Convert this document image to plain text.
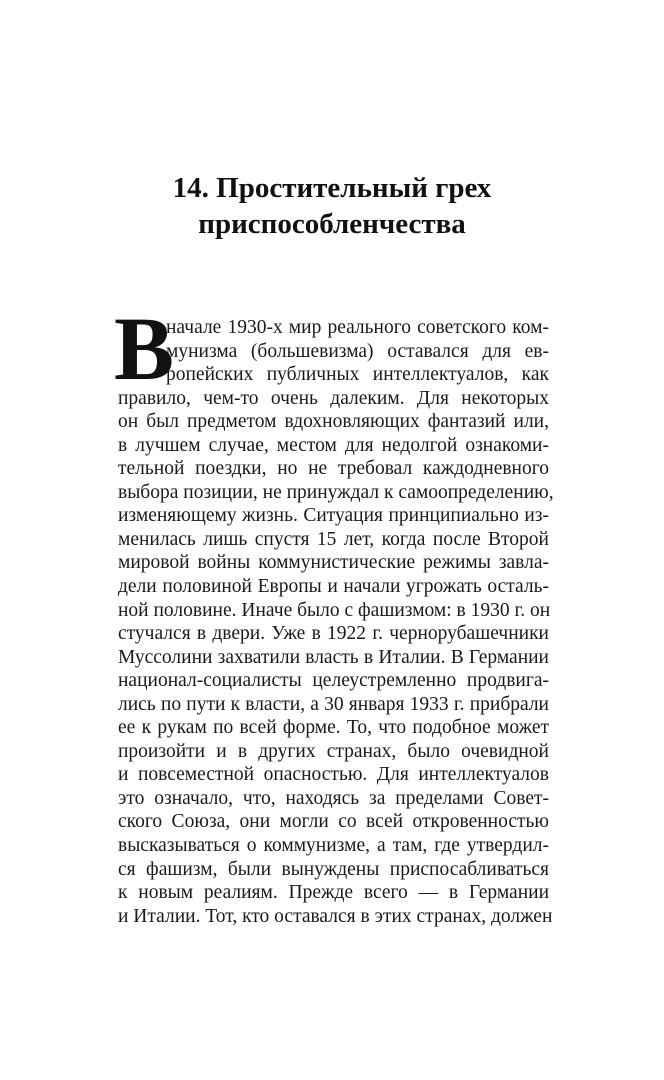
14. Простительный грех
приспособленчества
В
начале 1930-х мир реального советского ком-
мунизма (большевизма) оставался для ев-
ропейских публичных интеллектуалов, как
правило, чем-то очень далеким. Для некоторых
он был предметом вдохновляющих фантазий или,
в лучшем случае, местом для недолгой ознакоми-
тельной поездки, но не требовал каждодневного
выбора позиции, не принуждал к самоопределению,
изменяющему жизнь. Ситуация принципиально из-
менилась лишь спустя 15 лет, когда после Второй
мировой войны коммунистические режимы завла-
дели половиной Европы и начали угрожать осталь-
ной половине. Иначе было с фашизмом: в 1930 г. он
стучался в двери. Уже в 1922 г. чернорубашечники
Муссолини захватили власть в Италии. В Германии
национал-социалисты целеустремленно продвига-
лись по пути к власти, а 30 января 1933 г. прибрали
ее к рукам по всей форме. То, что подобное может
произойти и в других странах, было очевидной
и повсеместной опасностью. Для интеллектуалов
это означало, что, находясь за пределами Совет-
ского Союза, они могли со всей откровенностью
высказываться о коммунизме, а там, где утвердил-
ся фашизм, были вынуждены приспосабливаться
к новым реалиям. Прежде всего — в Германии
и Италии. Тот, кто оставался в этих странах, должен
